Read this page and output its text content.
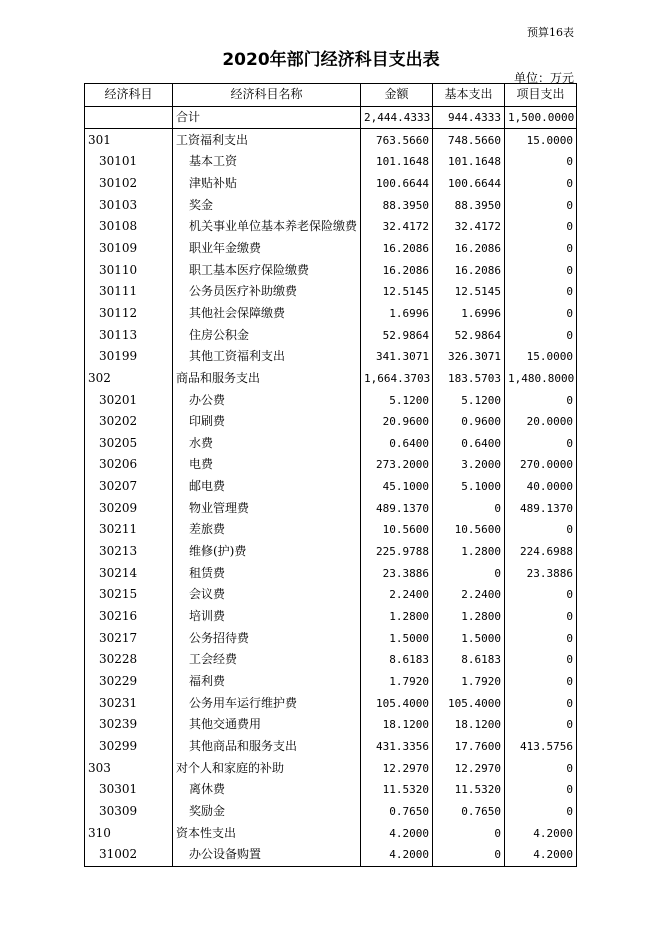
预算16表
2020年部门经济科目支出表
单位：万元
经济科目	经济科目名称	金额	基本支出	项目支出
	合计	2,444.4333	944.4333	1,500.0000
301	工资福利支出	763.5660	748.5660	15.0000
30101	基本工资	101.1648	101.1648	0
30102	津贴补贴	100.6644	100.6644	0
30103	奖金	88.3950	88.3950	0
30108	机关事业单位基本养老保险缴费	32.4172	32.4172	0
30109	职业年金缴费	16.2086	16.2086	0
30110	职工基本医疗保险缴费	16.2086	16.2086	0
30111	公务员医疗补助缴费	12.5145	12.5145	0
30112	其他社会保障缴费	1.6996	1.6996	0
30113	住房公积金	52.9864	52.9864	0
30199	其他工资福利支出	341.3071	326.3071	15.0000
302	商品和服务支出	1,664.3703	183.5703	1,480.8000
30201	办公费	5.1200	5.1200	0
30202	印刷费	20.9600	0.9600	20.0000
30205	水费	0.6400	0.6400	0
30206	电费	273.2000	3.2000	270.0000
30207	邮电费	45.1000	5.1000	40.0000
30209	物业管理费	489.1370	0	489.1370
30211	差旅费	10.5600	10.5600	0
30213	维修(护)费	225.9788	1.2800	224.6988
30214	租赁费	23.3886	0	23.3886
30215	会议费	2.2400	2.2400	0
30216	培训费	1.2800	1.2800	0
30217	公务招待费	1.5000	1.5000	0
30228	工会经费	8.6183	8.6183	0
30229	福利费	1.7920	1.7920	0
30231	公务用车运行维护费	105.4000	105.4000	0
30239	其他交通费用	18.1200	18.1200	0
30299	其他商品和服务支出	431.3356	17.7600	413.5756
303	对个人和家庭的补助	12.2970	12.2970	0
30301	离休费	11.5320	11.5320	0
30309	奖励金	0.7650	0.7650	0
310	资本性支出	4.2000	0	4.2000
31002	办公设备购置	4.2000	0	4.2000
